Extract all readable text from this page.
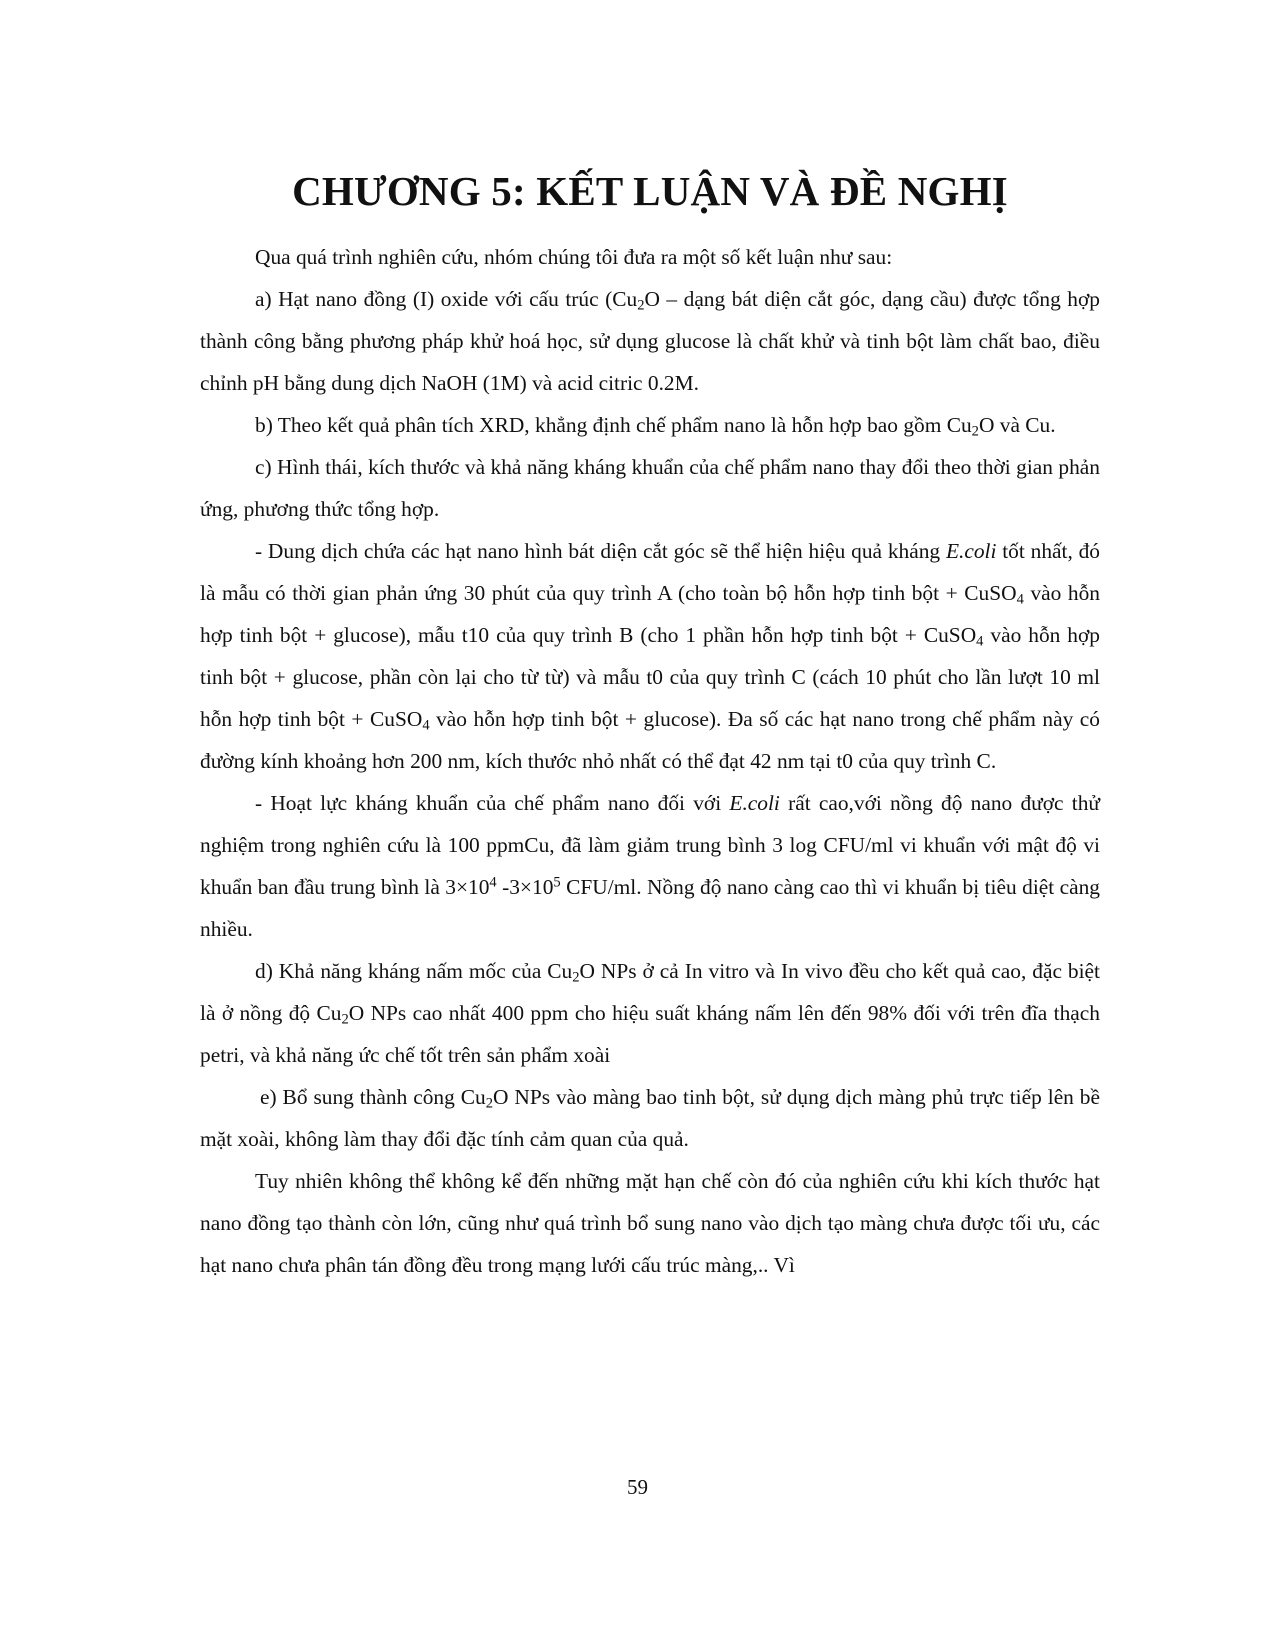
CHƯƠNG 5: KẾT LUẬN VÀ ĐỀ NGHỊ

Qua quá trình nghiên cứu, nhóm chúng tôi đưa ra một số kết luận như sau:

a) Hạt nano đồng (I) oxide với cấu trúc ($Cu_2O$ – dạng bát diện cắt góc, dạng cầu) được tổng hợp thành công bằng phương pháp khử hoá học, sử dụng glucose là chất khử và tinh bột làm chất bao, điều chỉnh pH bằng dung dịch NaOH (1M) và acid citric 0.2M.

b) Theo kết quả phân tích XRD, khẳng định chế phẩm nano là hỗn hợp bao gồm $Cu_2O$ và Cu.

c) Hình thái, kích thước và khả năng kháng khuẩn của chế phẩm nano thay đổi theo thời gian phản ứng, phương thức tổng hợp.

- Dung dịch chứa các hạt nano hình bát diện cắt góc sẽ thể hiện hiệu quả kháng E.coli tốt nhất, đó là mẫu có thời gian phản ứng 30 phút của quy trình A (cho toàn bộ hỗn hợp tinh bột + CuSO$_4$ vào hỗn hợp tinh bột + glucose), mẫu t10 của quy trình B (cho 1 phần hỗn hợp tinh bột + CuSO$_4$ vào hỗn hợp tinh bột + glucose, phần còn lại cho từ từ) và mẫu t0 của quy trình C (cách 10 phút cho lần lượt 10 ml hỗn hợp tinh bột + CuSO$_4$ vào hỗn hợp tinh bột + glucose). Đa số các hạt nano trong chế phẩm này có đường kính khoảng hơn 200 nm, kích thước nhỏ nhất có thể đạt 42 nm tại t0 của quy trình C.

- Hoạt lực kháng khuẩn của chế phẩm nano đối với E.coli rất cao,với nồng độ nano được thử nghiệm trong nghiên cứu là 100 ppmCu, đã làm giảm trung bình 3 log CFU/ml vi khuẩn với mật độ vi khuẩn ban đầu trung bình là $3\times 10^4$ $-3\times 10^5$ CFU/ml. Nồng độ nano càng cao thì vi khuẩn bị tiêu diệt càng nhiều.

d) Khả năng kháng nấm mốc của $Cu_2O$ NPs ở cả In vitro và In vivo đều cho kết quả cao, đặc biệt là ở nồng độ $Cu_2O$ NPs cao nhất 400 ppm cho hiệu suất kháng nấm lên đến 98% đối với trên đĩa thạch petri, và khả năng ức chế tốt trên sản phẩm xoài

e) Bổ sung thành công $Cu_2O$ NPs vào màng bao tinh bột, sử dụng dịch màng phủ trực tiếp lên bề mặt xoài, không làm thay đổi đặc tính cảm quan của quả.

Tuy nhiên không thể không kể đến những mặt hạn chế còn đó của nghiên cứu khi kích thước hạt nano đồng tạo thành còn lớn, cũng như quá trình bổ sung nano vào dịch tạo màng chưa được tối ưu, các hạt nano chưa phân tán đồng đều trong mạng lưới cấu trúc màng,.. Vì

59
